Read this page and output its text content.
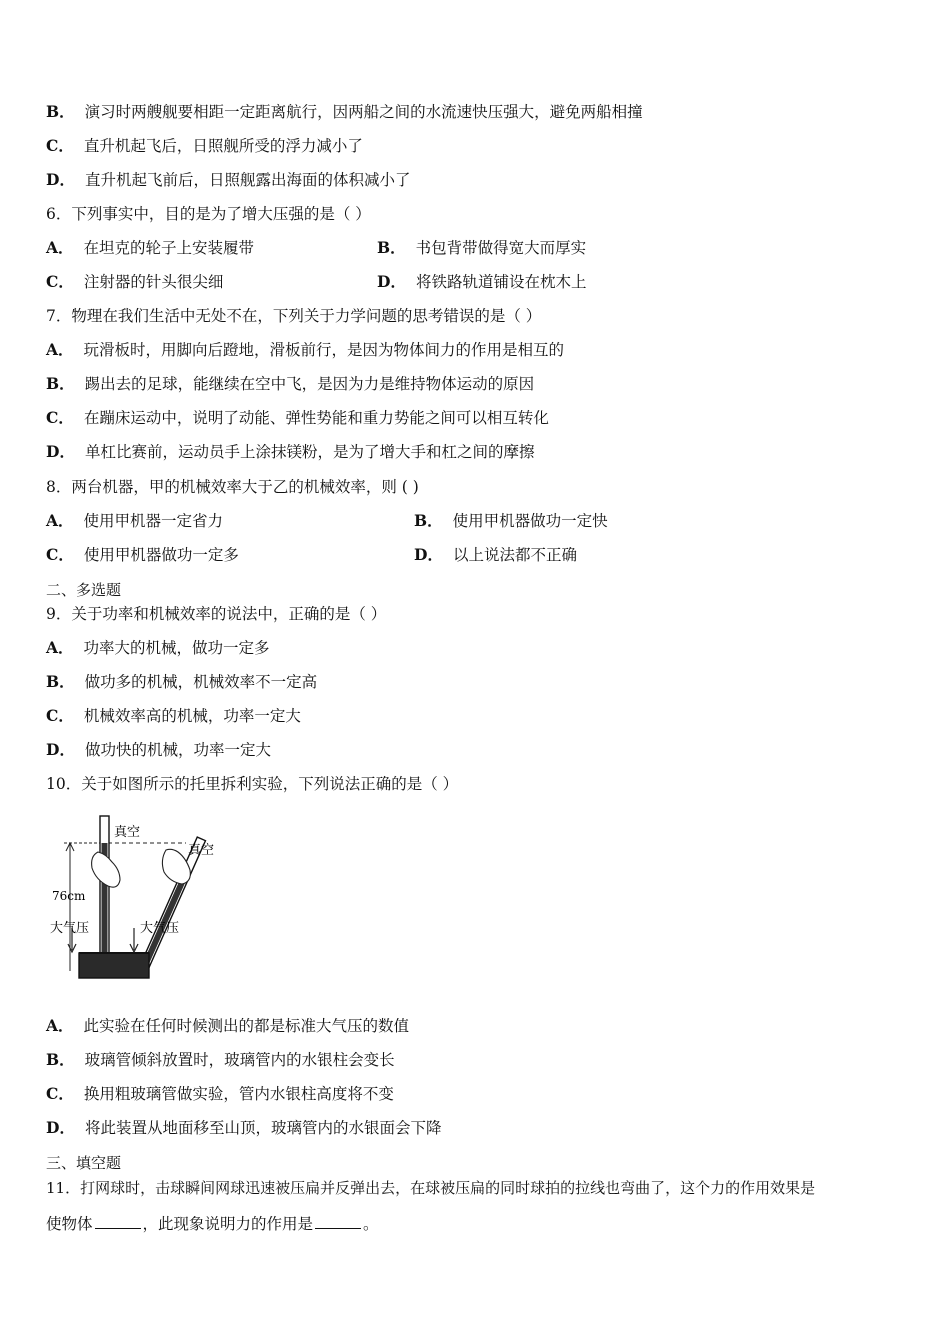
B． 演习时两艘舰要相距一定距离航行，因两船之间的水流速快压强大，避免两船相撞
C． 直升机起飞后，日照舰所受的浮力减小了
D． 直升机起飞前后，日照舰露出海面的体积减小了
6．下列事实中，目的是为了增大压强的是（ ）
A． 在坦克的轮子上安装履带	B． 书包背带做得宽大而厚实
C． 注射器的针头很尖细	D． 将铁路轨道铺设在枕木上
7．物理在我们生活中无处不在，下列关于力学问题的思考错误的是（ ）
A． 玩滑板时，用脚向后蹬地，滑板前行，是因为物体间力的作用是相互的
B． 踢出去的足球，能继续在空中飞，是因为力是维持物体运动的原因
C． 在蹦床运动中，说明了动能、弹性势能和重力势能之间可以相互转化
D． 单杠比赛前，运动员手上涂抹镁粉，是为了增大手和杠之间的摩擦
8．两台机器，甲的机械效率大于乙的机械效率，则 ( )
A． 使用甲机器一定省力	B． 使用甲机器做功一定快
C． 使用甲机器做功一定多	D． 以上说法都不正确
二、多选题
9．关于功率和机械效率的说法中，正确的是（ ）
A． 功率大的机械，做功一定多
B． 做功多的机械，机械效率不一定高
C． 机械效率高的机械，功率一定大
D． 做功快的机械，功率一定大
10．关于如图所示的托里拆利实验，下列说法正确的是（ ）
真空
真空
76cm
大气压	大气压
A． 此实验在任何时候测出的都是标准大气压的数值
B． 玻璃管倾斜放置时，玻璃管内的水银柱会变长
C． 换用粗玻璃管做实验，管内水银柱高度将不变
D． 将此装置从地面移至山顶，玻璃管内的水银面会下降
三、填空题
11．打网球时，击球瞬间网球迅速被压扁并反弹出去，在球被压扁的同时球拍的拉线也弯曲了，这个力的作用效果是
使物体	，此现象说明力的作用是	。
